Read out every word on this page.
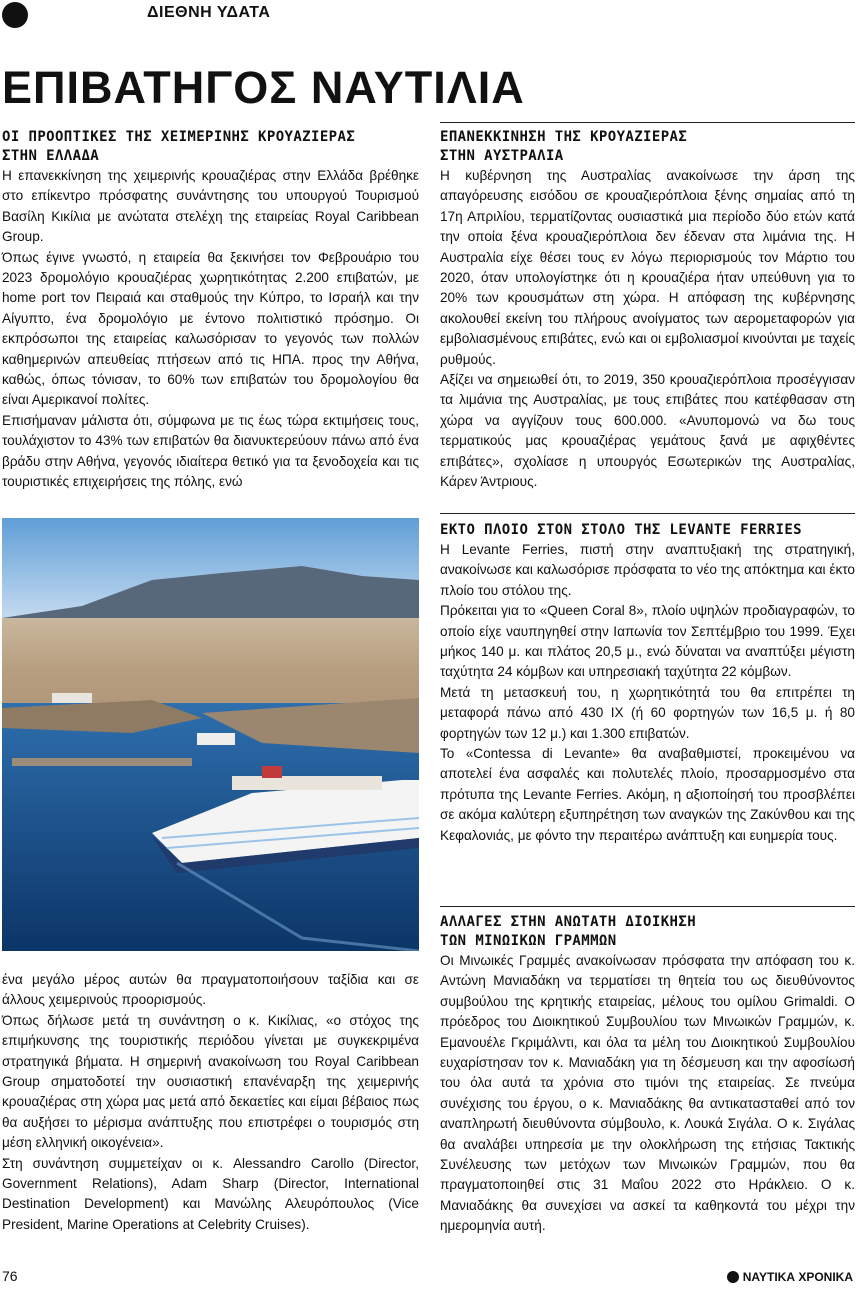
ΔΙΕΘΝΗ ΥΔΑΤΑ
ΕΠΙΒΑΤΗΓΟΣ ΝΑΥΤΙΛΙΑ
ΟΙ ΠΡΟΟΠΤΙΚΕΣ ΤΗΣ ΧΕΙΜΕΡΙΝΗΣ ΚΡΟΥΑΖΙΕΡΑΣ
ΣΤΗΝ ΕΛΛΑΔΑ

Η επανεκκίνηση της χειμερινής κρουαζιέρας στην Ελλάδα βρέθηκε στο επίκεντρο πρόσφατης συνάντησης του υπουργού Τουρισμού Βασίλη Κικίλια με ανώτατα στελέχη της εταιρείας Royal Caribbean Group.

Όπως έγινε γνωστό, η εταιρεία θα ξεκινήσει τον Φεβρουάριο του 2023 δρομολόγιο κρουαζιέρας χωρητικότητας 2.200 επιβατών, με home port τον Πειραιά και σταθμούς την Κύπρο, το Ισραήλ και την Αίγυπτο, ένα δρομολόγιο με έντονο πολιτιστικό πρόσημο. Οι εκπρόσωποι της εταιρείας καλωσόρισαν το γεγονός των πολλών καθημερινών απευθείας πτήσεων από τις ΗΠΑ. προς την Αθήνα, καθώς, όπως τόνισαν, το 60% των επιβατών του δρομολογίου θα είναι Αμερικανοί πολίτες.

Επισήμαναν μάλιστα ότι, σύμφωνα με τις έως τώρα εκτιμήσεις τους, τουλάχιστον το 43% των επιβατών θα διανυκτερεύουν πάνω από ένα βράδυ στην Αθήνα, γεγονός ιδιαίτερα θετικό για τα ξενοδοχεία και τις τουριστικές επιχειρήσεις της πόλης, ενώ

ένα μεγάλο μέρος αυτών θα πραγματοποιήσουν ταξίδια και σε άλλους χειμερινούς προορισμούς.

Όπως δήλωσε μετά τη συνάντηση ο κ. Κικίλιας, «ο στόχος της επιμήκυνσης της τουριστικής περιόδου γίνεται με συγκεκριμένα στρατηγικά βήματα. Η σημερινή ανακοίνωση του Royal Caribbean Group σηματοδοτεί την ουσιαστική επανέναρξη της χειμερινής κρουαζιέρας στη χώρα μας μετά από δεκαετίες και είμαι βέβαιος πως θα αυξήσει το μέρισμα ανάπτυξης που επιστρέφει ο τουρισμός στη μέση ελληνική οικογένεια».

Στη συνάντηση συμμετείχαν οι κ. Alessandro Carollo (Director, Government Relations), Adam Sharp (Director, International Destination Development) και Μανώλης Αλευρόπουλος (Vice President, Marine Operations at Celebrity Cruises).

ΕΠΑΝΕΚΚΙΝΗΣΗ ΤΗΣ ΚΡΟΥΑΖΙΕΡΑΣ
ΣΤΗΝ ΑΥΣΤΡΑΛΙΑ

Η κυβέρνηση της Αυστραλίας ανακοίνωσε την άρση της απαγόρευσης εισόδου σε κρουαζιερόπλοια ξένης σημαίας από τη 17η Απριλίου, τερματίζοντας ουσιαστικά μια περίοδο δύο ετών κατά την οποία ξένα κρουαζιερόπλοια δεν έδεναν στα λιμάνια της. Η Αυστραλία είχε θέσει τους εν λόγω περιορισμούς τον Μάρτιο του 2020, όταν υπολογίστηκε ότι η κρουαζιέρα ήταν υπεύθυνη για το 20% των κρουσμάτων στη χώρα. Η απόφαση της κυβέρνησης ακολουθεί εκείνη του πλήρους ανοίγματος των αερομεταφορών για εμβολιασμένους επιβάτες, ενώ και οι εμβολιασμοί κινούνται με ταχείς ρυθμούς.

Αξίζει να σημειωθεί ότι, το 2019, 350 κρουαζιερόπλοια προσέγγισαν τα λιμάνια της Αυστραλίας, με τους επιβάτες που κατέφθασαν στη χώρα να αγγίζουν τους 600.000. «Ανυπομονώ να δω τους τερματικούς μας κρουαζιέρας γεμάτους ξανά με αφιχθέντες επιβάτες», σχολίασε η υπουργός Εσωτερικών της Αυστραλίας, Κάρεν Άντριους.

ΕΚΤΟ ΠΛΟΙΟ ΣΤΟΝ ΣΤΟΛΟ ΤΗΣ LEVANTE FERRIES

Η Levante Ferries, πιστή στην αναπτυξιακή της στρατηγική, ανακοίνωσε και καλωσόρισε πρόσφατα το νέο της απόκτημα και έκτο πλοίο του στόλου της.

Πρόκειται για το «Queen Coral 8», πλοίο υψηλών προδιαγραφών, το οποίο είχε ναυπηγηθεί στην Ιαπωνία τον Σεπτέμβριο του 1999. Έχει μήκος 140 μ. και πλάτος 20,5 μ., ενώ δύναται να αναπτύξει μέγιστη ταχύτητα 24 κόμβων και υπηρεσιακή ταχύτητα 22 κόμβων.

Μετά τη μετασκευή του, η χωρητικότητά του θα επιτρέπει τη μεταφορά πάνω από 430 IX (ή 60 φορτηγών των 16,5 μ. ή 80 φορτηγών των 12 μ.) και 1.300 επιβατών.

Το «Contessa di Levante» θα αναβαθμιστεί, προκειμένου να αποτελεί ένα ασφαλές και πολυτελές πλοίο, προσαρμοσμένο στα πρότυπα της Levante Ferries. Ακόμη, η αξιοποίησή του προσβλέπει σε ακόμα καλύτερη εξυπηρέτηση των αναγκών της Ζακύνθου και της Κεφαλονιάς, με φόντο την περαιτέρω ανάπτυξη και ευημερία τους.

ΑΛΛΑΓΕΣ ΣΤΗΝ ΑΝΩΤΑΤΗ ΔΙΟΙΚΗΣΗ
ΤΩΝ ΜΙΝΩΙΚΩΝ ΓΡΑΜΜΩΝ

Οι Μινωικές Γραμμές ανακοίνωσαν πρόσφατα την απόφαση του κ. Αντώνη Μανιαδάκη να τερματίσει τη θητεία του ως διευθύνοντος συμβούλου της κρητικής εταιρείας, μέλους του ομίλου Grimaldi. Ο πρόεδρος του Διοικητικού Συμβουλίου των Μινωικών Γραμμών, κ. Εμανουέλε Γκριμάλντι, και όλα τα μέλη του Διοικητικού Συμβουλίου ευχαρίστησαν τον κ. Μανιαδάκη για τη δέσμευση και την αφοσίωσή του όλα αυτά τα χρόνια στο τιμόνι της εταιρείας. Σε πνεύμα συνέχισης του έργου, ο κ. Μανιαδάκης θα αντικατασταθεί από τον αναπληρωτή διευθύνοντα σύμβουλο, κ. Λουκά Σιγάλα. Ο κ. Σιγάλας θα αναλάβει υπηρεσία με την ολοκλήρωση της ετήσιας Τακτικής Συνέλευσης των μετόχων των Μινωικών Γραμμών, που θα πραγματοποιηθεί στις 31 Μαΐου 2022 στο Ηράκλειο. Ο κ. Μανιαδάκης θα συνεχίσει να ασκεί τα καθηκοντά του μέχρι την ημερομηνία αυτή.

76	ΝΑΥΤΙΚΑ ΧΡΟΝΙΚΑ
